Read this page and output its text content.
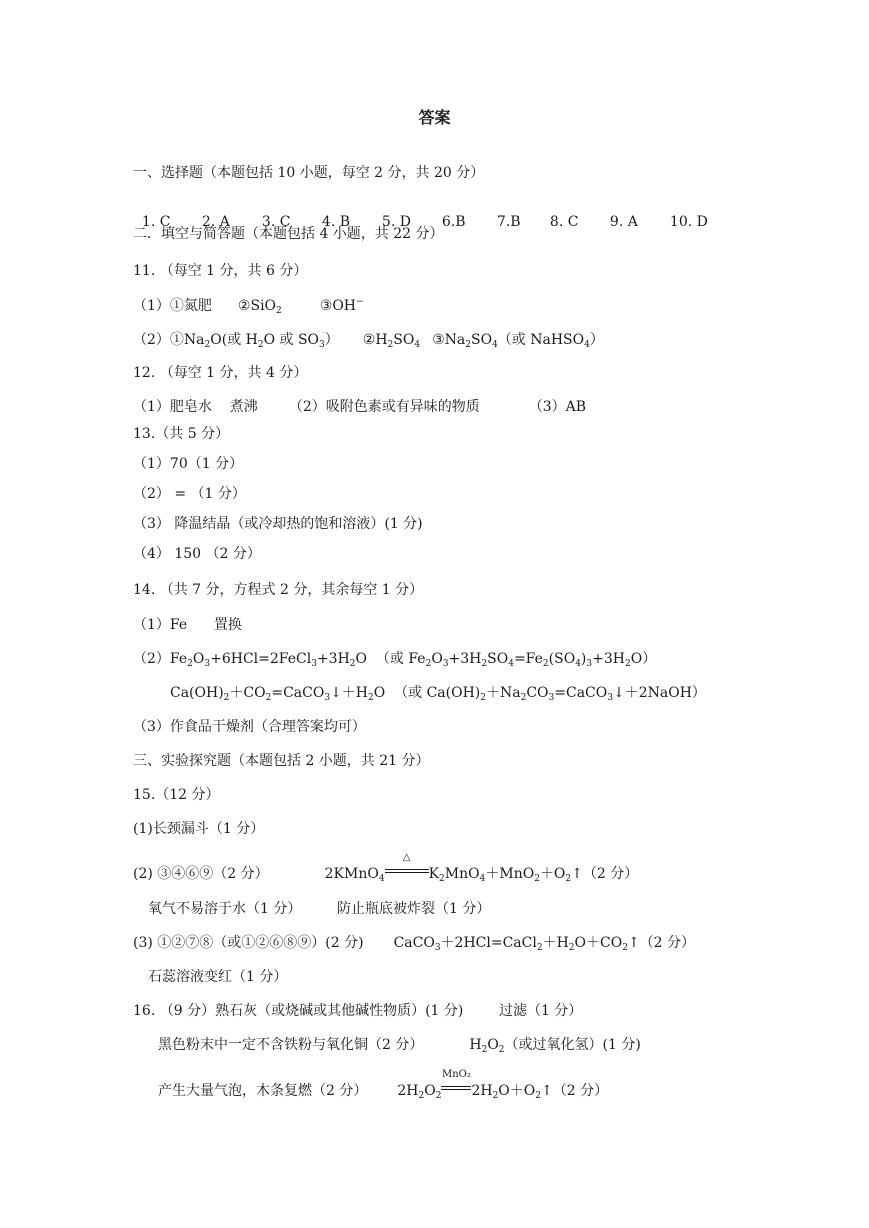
答案
一、选择题（本题包括 10 小题，每空 2 分，共 20 分）

1. C 2. A 3. C 4. B 5. D 6.B 7.B 8. C 9. A 10. D

二．填空与简答题（本题包括 4 小题，共 22 分）
11. （每空 1 分，共 6 分）
（1）①氮肥 ②SiO$_2$	③OH−
$(2)①Na_2O$(或 $H_2O$ 或 $SO_3$） $②H_2SO_4$ $③Na_2SO_4$（或 NaHSO$_4$）
12. （每空 1 分，共 4 分）
（1）肥皂水    煮沸       （2）吸附色素或有异味的物质           （3）AB
13.（共 5 分）
（1）70（1 分）
（2） = （1 分）
（3） 降温结晶（或冷却热的饱和溶液）(1 分)
（4） 150 （2 分）
14. （共 7 分，方程式 2 分，其余每空 1 分）
（1）Fe      置换
$(2)Fe_2O_3+6HCl=2FeCl_3+3H_2O$  （或 $Fe_2O_3+3H_2SO_4=Fe_2(SO_4)_3+3H_2O$）
$Ca(OH)_2+CO_2=CaCO_3↓+H_2O$  （或 $Ca(OH)_2+Na_2CO_3=CaCO_3↓+2NaOH$）
（3）作食品干燥剂（合理答案均可）
三、实验探究题（本题包括 2 小题，共 21 分）
15.（12 分）
(1)长颈漏斗（1 分）
(2) ③④⑥⑨（2 分）	2KMnO$_4$
△
$K_2MnO_4+MnO_2+O_2↑(2$ 分）
氧气不易溶于水（1 分）        防止瓶底被炸裂（1 分）
(3) ①②⑦⑧（或①②⑥⑧⑨）(2 分) $CaCO_3+2HCl=CaCl_2+H_2O+CO_2↑(2$ 分）
石蕊溶液变红（1 分）
16. （9 分）熟石灰（或烧碱或其他碱性物质）(1 分)        过滤（1 分）
黑色粉末中一定不含铁粉与氧化铜（2 分）	$H_2O_2$（或过氧化氢）(1 分)
产生大量气泡，木条复燃（2 分） $2H_2O_2$
MnO₂
$2H_2O+O_2↑(2$ 分）
